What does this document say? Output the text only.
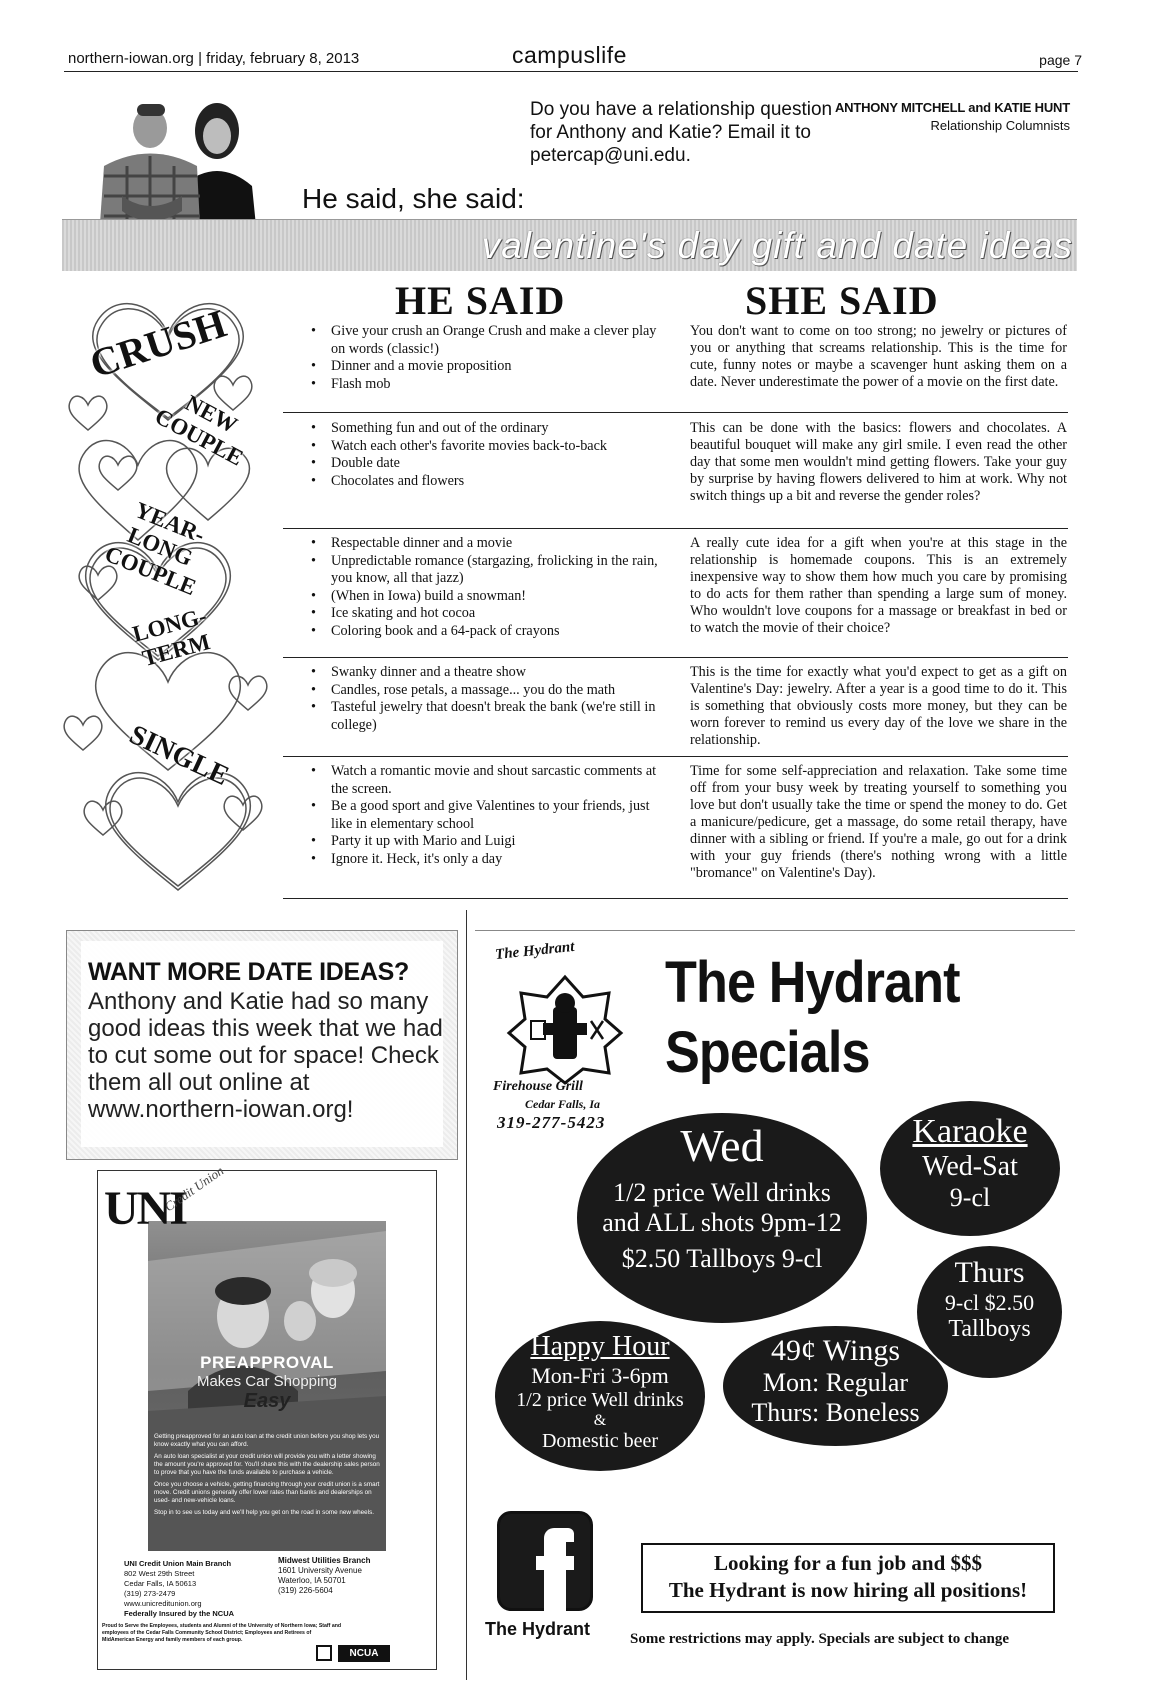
northern-iowan.org | friday, february 8, 2013	campuslife	page 7
He said, she said:
Do you have a relationship question for Anthony and Katie? Email it to petercap@uni.edu.
ANTHONY MITCHELL and KATIE HUNT
Relationship Columnists
valentine's day gift and date ideas
CRUSH
NEW COUPLE
YEAR-LONG COUPLE
LONG-TERM
SINGLE
HE SAID	SHE SAID
• Give your crush an Orange Crush and make a clever play on words (classic!)
• Dinner and a movie proposition
• Flash mob
You don't want to come on too strong; no jewelry or pictures of you or anything that screams relationship. This is the time for cute, funny notes or maybe a scavenger hunt asking them on a date. Never underestimate the power of a movie on the first date.
• Something fun and out of the ordinary
• Watch each other's favorite movies back-to-back
• Double date
• Chocolates and flowers
This can be done with the basics: flowers and chocolates. A beautiful bouquet will make any girl smile. I even read the other day that some men wouldn't mind getting flowers. Take your guy by surprise by having flowers delivered to him at work. Why not switch things up a bit and reverse the gender roles?
• Respectable dinner and a movie
• Unpredictable romance (stargazing, frolicking in the rain, you know, all that jazz)
• (When in Iowa) build a snowman!
• Ice skating and hot cocoa
• Coloring book and a 64-pack of crayons
A really cute idea for a gift when you're at this stage in the relationship is homemade coupons. This is an extremely inexpensive way to show them how much you care by promising to do acts for them rather than spending a large sum of money. Who wouldn't love coupons for a massage or breakfast in bed or to watch the movie of their choice?
• Swanky dinner and a theatre show
• Candles, rose petals, a massage... you do the math
• Tasteful jewelry that doesn't break the bank (we're still in college)
This is the time for exactly what you'd expect to get as a gift on Valentine's Day: jewelry. After a year is a good time to do it. This is something that obviously costs more money, but they can be worn forever to remind us every day of the love we share in the relationship.
• Watch a romantic movie and shout sarcastic comments at the screen.
• Be a good sport and give Valentines to your friends, just like in elementary school
• Party it up with Mario and Luigi
• Ignore it. Heck, it's only a day
Time for some self-appreciation and relaxation. Take some time off from your busy week by treating yourself to something you love but don't usually take the time or spend the money to do. Get a manicure/pedicure, get a massage, do some retail therapy, have dinner with a sibling or friend. If you're a male, go out for a drink with your guy friends (there's nothing wrong with a little "bromance" on Valentine's Day).
WANT MORE DATE IDEAS?
Anthony and Katie had so many good ideas this week that we had to cut some out for space! Check them all out online at www.northern-iowan.org!
PREAPPROVAL
Makes Car Shopping
Easy

Getting preapproved for an auto loan at the credit union before you shop lets you know exactly what you can afford.

An auto loan specialist at your credit union will provide you with a letter showing the amount you're approved for. You'll share this with the dealership sales person to prove that you have the funds available to purchase a vehicle.

Once you choose a vehicle, getting financing through your credit union is a smart move. Credit unions generally offer lower rates than banks and dealerships on used- and new-vehicle loans.

Stop in to see us today and we'll help you get on the road in some new wheels.

UNI
Credit Union
UNI Credit Union Main Branch
802 West 29th Street
Cedar Falls, IA 50613
(319) 273-2479
www.unicreditunion.org
Federally Insured by the NCUA
Midwest Utilities Branch
1601 University Avenue
Waterloo, IA 50701
(319) 226-5604
Proud to Serve the Employees, students and Alumni of the University of Northern Iowa; Staff and employees of the Cedar Falls Community School District; Employees and Retirees of MidAmerican Energy and family members of each group.
NCUA
The Hydrant
Firehouse Grill
Cedar Falls, Ia
319-277-5423
The Hydrant
Specials
Wed
1/2 price Well drinks
and ALL shots 9pm-12
$2.50 Tallboys 9-cl
Karaoke
Wed-Sat
9-cl
Thurs
9-cl $2.50
Tallboys
Happy Hour
Mon-Fri 3-6pm
1/2 price Well drinks
&
Domestic beer
49¢ Wings
Mon: Regular
Thurs: Boneless
The Hydrant
Looking for a fun job and $$$
The Hydrant is now hiring all positions!
Some restrictions may apply. Specials are subject to change
